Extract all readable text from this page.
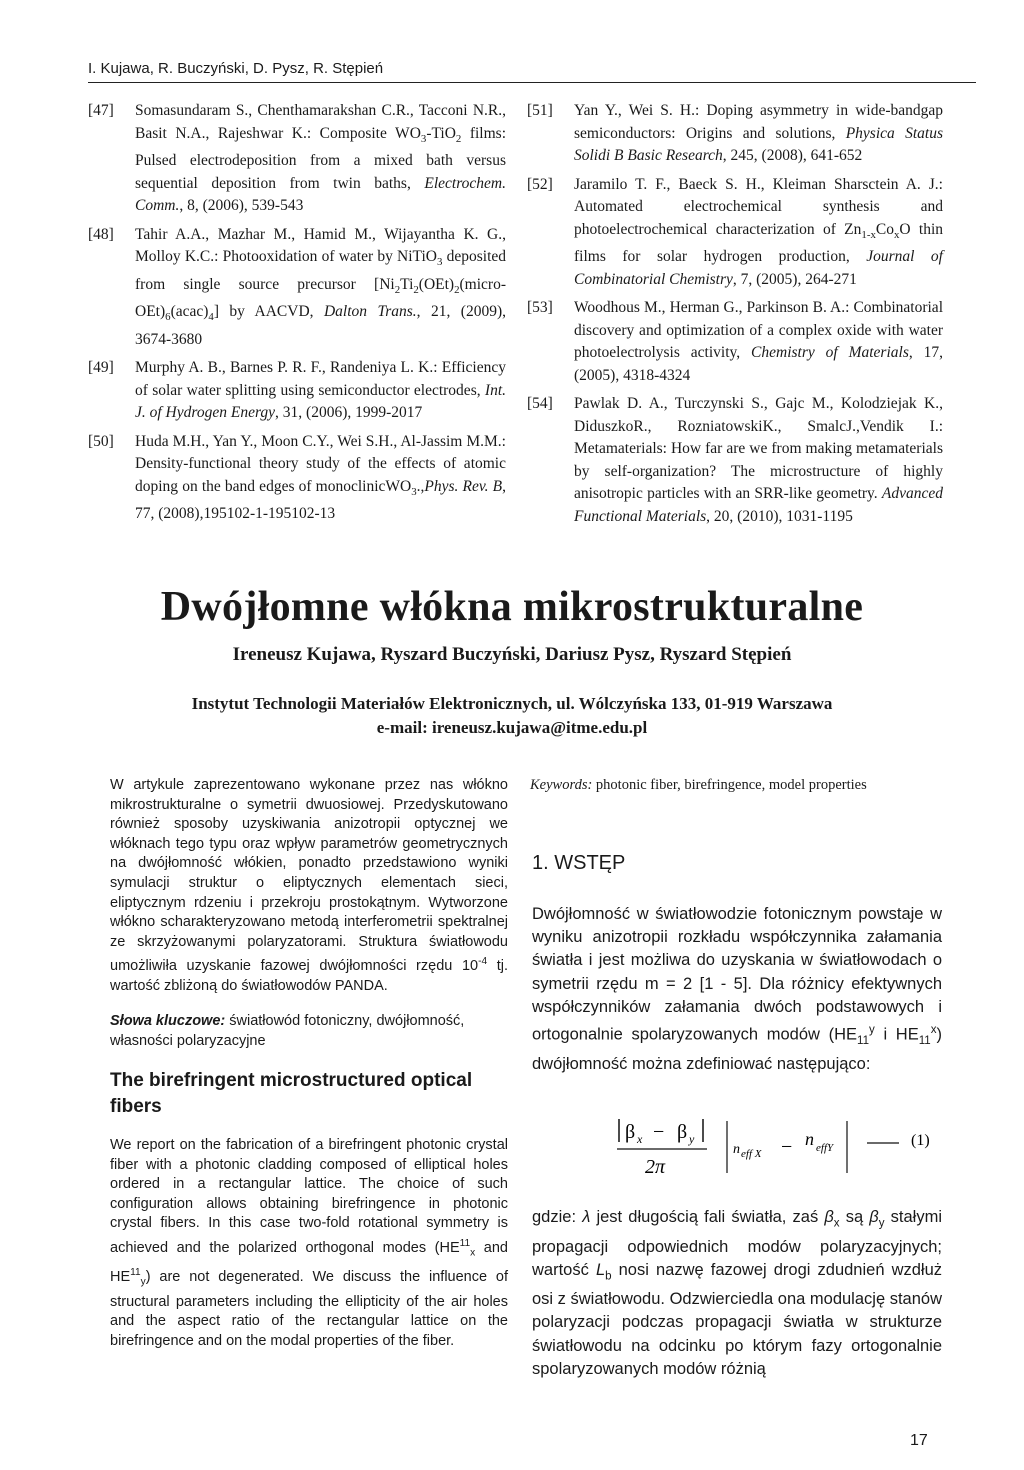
I. Kujawa, R. Buczyński, D. Pysz, R. Stępień
[47]	Somasundaram S., Chenthamarakshan C.R., Tacconi N.R., Basit N.A., Rajeshwar K.: Composite $WO_3-TiO_2$ films: Pulsed electrodeposition from a mixed bath versus sequential deposition from twin baths, Electrochem. Comm., 8, (2006), 539-543
[48]	Tahir A.A., Mazhar M., Hamid M., Wijayantha K. G., Molloy K.C.: Photooxidation of water by NiTiO$_3$ deposited from single source precursor $[Ni_2Ti_2(OEt)_2(micro-OEt)_6(acac)_4]$ by AACVD, Dalton Trans., 21, (2009), 3674-3680
[49]	Murphy A. B., Barnes P. R. F., Randeniya L. K.: Efficiency of solar water splitting using semiconductor electrodes, Int. J. of Hydrogen Energy, 31, (2006), 1999-2017
[50]	Huda M.H., Yan Y., Moon C.Y., Wei S.H., Al-Jassim M.M.: Density-functional theory study of the effects of atomic doping on the band edges of monoclinicWO$_3$.,Phys. Rev. B, 77, (2008),195102-1-195102-13
[51]	Yan Y., Wei S. H.: Doping asymmetry in wide-bandgap semiconductors: Origins and solutions, Physica Status Solidi B Basic Research, 245, (2008), 641-652
[52]	Jaramilo T. F., Baeck S. H., Kleiman Sharsctein A. J.: Automated electrochemical synthesis and photoelectrochemical characterization of $Zn_{1-x}Co_xO$ thin films for solar hydrogen production, Journal of Combinatorial Chemistry, 7, (2005), 264-271
[53]	Woodhous M., Herman G., Parkinson B. A.: Combinatorial discovery and optimization of a complex oxide with water photoelectrolysis activity, Chemistry of Materials, 17, (2005), 4318-4324
[54]	Pawlak D. A., Turczynski S., Gajc M., Kolodziejak K., DiduszkoR., RozniatowskiK., SmalcJ.,Vendik I.: Metamaterials: How far are we from making metamaterials by self-organization? The microstructure of highly anisotropic particles with an SRR-like geometry. Advanced Functional Materials, 20, (2010), 1031-1195
Dwójłomne włókna mikrostrukturalne
Ireneusz Kujawa, Ryszard Buczyński, Dariusz Pysz, Ryszard Stępień
Instytut Technologii Materiałów Elektronicznych, ul. Wólczyńska 133, 01-919 Warszawa
e-mail: ireneusz.kujawa@itme.edu.pl
W artykule zaprezentowano wykonane przez nas włókno mikrostrukturalne o symetrii dwuosiowej. Przedyskutowano również sposoby uzyskiwania anizotropii optycznej we włóknach tego typu oraz wpływ parametrów geometrycznych na dwójłomność włókien, ponadto przedstawiono wyniki symulacji struktur o eliptycznych elementach sieci, eliptycznym rdzeniu i przekroju prostokątnym. Wytworzone włókno scharakteryzowano metodą interferometrii spektralnej ze skrzyżowanymi polaryzatorami. Struktura światłowodu umożliwiła uzyskanie fazowej dwójłomności rzędu $10^{-4}$ tj. wartość zbliżoną do światłowodów PANDA.
Słowa kluczowe: światłowód fotoniczny, dwójłomność, własności polaryzacyjne
The birefringent microstructured optical fibers
We report on the fabrication of a birefringent photonic crystal fiber with a photonic cladding composed of elliptical holes ordered in a rectangular lattice. The choice of such configuration allows obtaining birefringence in photonic crystal fibers. In this case two-fold rotational symmetry is achieved and the polarized orthogonal modes ($HE^{11}_x$ and $HE^{11}_y$) are not degenerated. We discuss the influence of structural parameters including the ellipticity of the air holes and the aspect ratio of the rectangular lattice on the birefringence and on the modal properties of the fiber.
Keywords: photonic fiber, birefringence, model properties
1. WSTĘP
Dwójłomność w światłowodzie fotonicznym powstaje w wyniku anizotropii rozkładu współczynnika załamania światła i jest możliwa do uzyskania w światłowodach o symetrii rzędu m = 2 [1 - 5]. Dla różnicy efektywnych współczynników załamania dwóch podstawowych i ortogonalnie spolaryzowanych modów ($HE_{11}^y$ i $HE_{11}^x$) dwójłomność można zdefiniować następująco:
β x − β y
2π
n eff X − n effY	(1)
gdzie: λ jest długością fali światła, zaś $\beta_x$ są $\beta_y$ stałymi propagacji odpowiednich modów polaryzacyjnych; wartość $L_b$ nosi nazwę fazowej drogi zdudnień wzdłuż osi z światłowodu. Odzwierciedla ona modulację stanów polaryzacji podczas propagacji światła w strukturze światłowodu na odcinku po którym fazy ortogonalnie spolaryzowanych modów różnią
17
